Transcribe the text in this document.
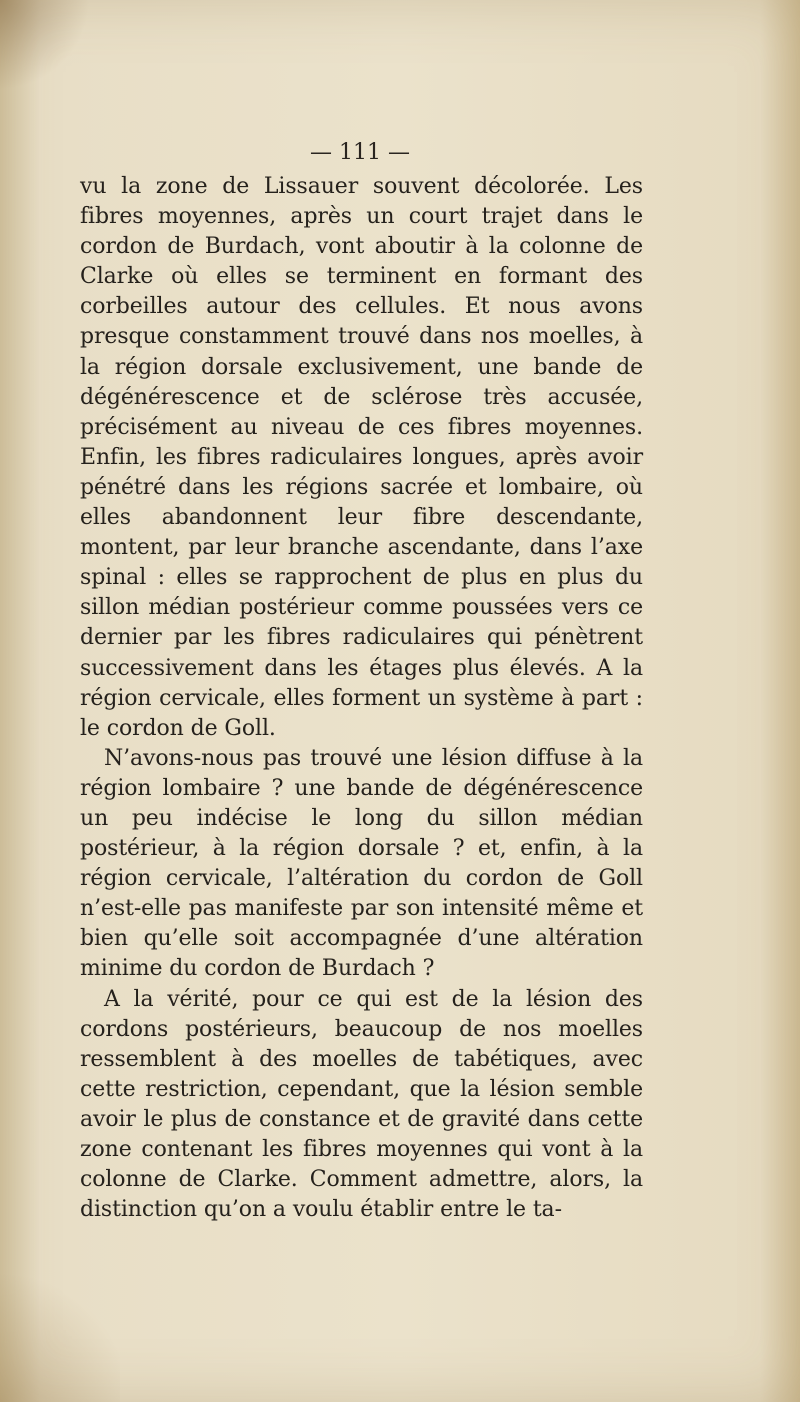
— 111 —

vu la zone de Lissauer souvent décolorée. Les fibres moyennes, après un court trajet dans le cordon de Burdach, vont aboutir à la colonne de Clarke où elles se terminent en formant des corbeilles autour des cellules. Et nous avons presque constamment trouvé dans nos moelles, à la région dorsale exclusivement, une bande de dégénérescence et de sclérose très accusée, précisément au niveau de ces fibres moyennes. Enfin, les fibres radiculaires longues, après avoir pénétré dans les régions sacrée et lombaire, où elles abandonnent leur fibre descendante, montent, par leur branche ascendante, dans l’axe spinal : elles se rapprochent de plus en plus du sillon médian postérieur comme poussées vers ce dernier par les fibres radiculaires qui pénètrent successivement dans les étages plus élevés. A la région cervicale, elles forment un système à part : le cordon de Goll.

N’avons-nous pas trouvé une lésion diffuse à la région lombaire ? une bande de dégénérescence un peu indécise le long du sillon médian postérieur, à la région dorsale ? et, enfin, à la région cervicale, l’altération du cordon de Goll n’est-elle pas manifeste par son intensité même et bien qu’elle soit accompagnée d’une altération minime du cordon de Burdach ?

A la vérité, pour ce qui est de la lésion des cordons postérieurs, beaucoup de nos moelles ressemblent à des moelles de tabétiques, avec cette restriction, cependant, que la lésion semble avoir le plus de constance et de gravité dans cette zone contenant les fibres moyennes qui vont à la colonne de Clarke. Comment admettre, alors, la distinction qu’on a voulu établir entre le ta-
